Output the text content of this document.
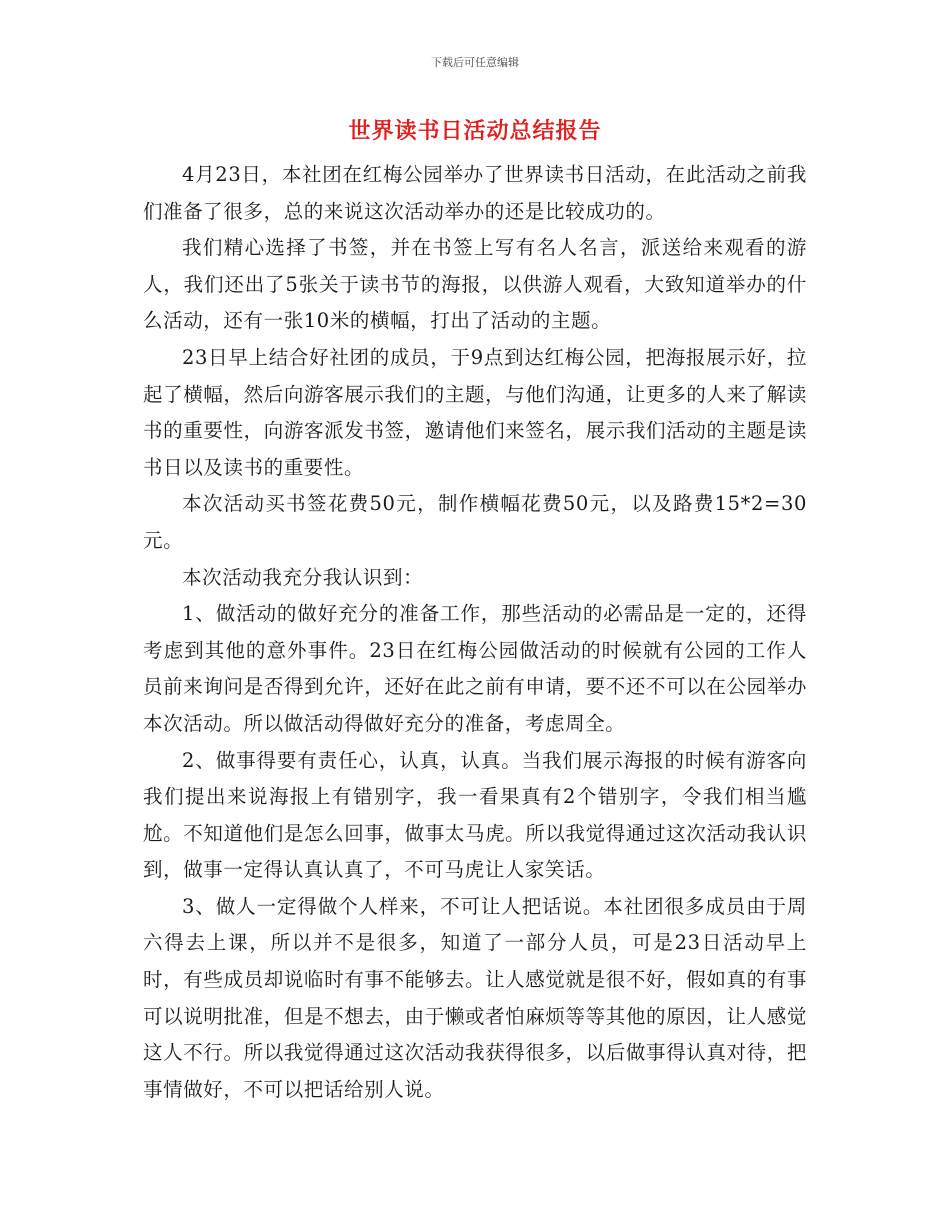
下载后可任意编辑
世界读书日活动总结报告

4月23日，本社团在红梅公园举办了世界读书日活动，在此活动之前我们准备了很多，总的来说这次活动举办的还是比较成功的。

我们精心选择了书签，并在书签上写有名人名言，派送给来观看的游人，我们还出了5张关于读书节的海报，以供游人观看，大致知道举办的什么活动，还有一张10米的横幅，打出了活动的主题。

23日早上结合好社团的成员，于9点到达红梅公园，把海报展示好，拉起了横幅，然后向游客展示我们的主题，与他们沟通，让更多的人来了解读书的重要性，向游客派发书签，邀请他们来签名，展示我们活动的主题是读书日以及读书的重要性。

本次活动买书签花费50元，制作横幅花费50元，以及路费15*2=30元。

本次活动我充分我认识到：

1、做活动的做好充分的准备工作，那些活动的必需品是一定的，还得考虑到其他的意外事件。23日在红梅公园做活动的时候就有公园的工作人员前来询问是否得到允许，还好在此之前有申请，要不还不可以在公园举办本次活动。所以做活动得做好充分的准备，考虑周全。

2、做事得要有责任心，认真，认真。当我们展示海报的时候有游客向我们提出来说海报上有错别字，我一看果真有2个错别字，令我们相当尴尬。不知道他们是怎么回事，做事太马虎。所以我觉得通过这次活动我认识到，做事一定得认真认真了，不可马虎让人家笑话。

3、做人一定得做个人样来，不可让人把话说。本社团很多成员由于周六得去上课，所以并不是很多，知道了一部分人员，可是23日活动早上时，有些成员却说临时有事不能够去。让人感觉就是很不好，假如真的有事可以说明批准，但是不想去，由于懒或者怕麻烦等等其他的原因，让人感觉这人不行。所以我觉得通过这次活动我获得很多，以后做事得认真对待，把事情做好，不可以把话给别人说。
